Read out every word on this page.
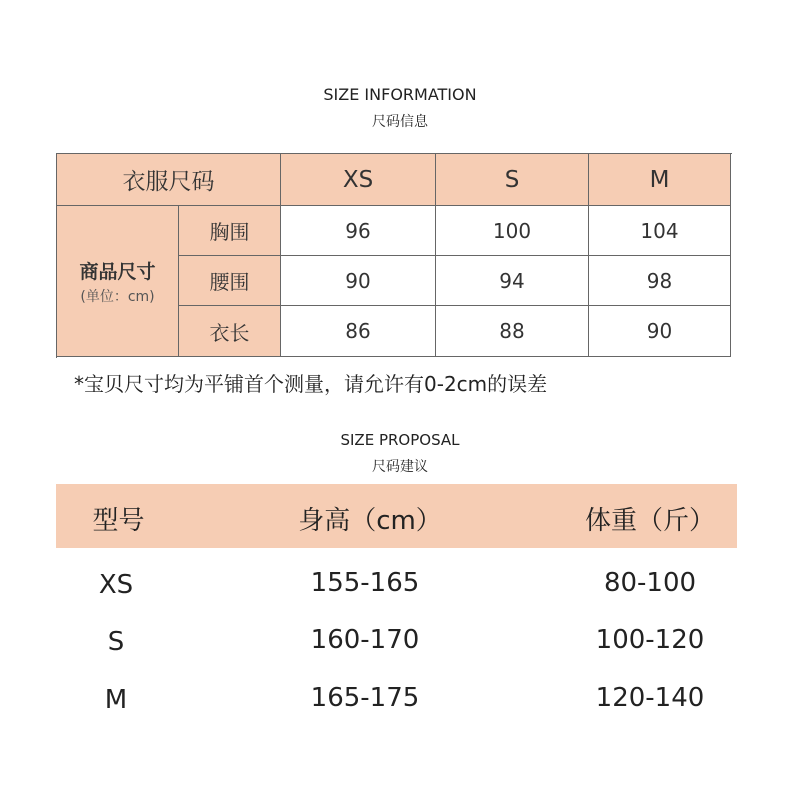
SIZE INFORMATION
尺码信息
衣服尺码	XS	S	M
商品尺寸
(单位：cm)
胸围	96	100	104
腰围	90	94	98
衣长	86	88	90
*宝贝尺寸均为平铺首个测量，请允许有0-2cm的误差
SIZE PROPOSAL
尺码建议
型号	身高（cm）	体重（斤）
XS	155-165	80-100
S	160-170	100-120
M	165-175	120-140
